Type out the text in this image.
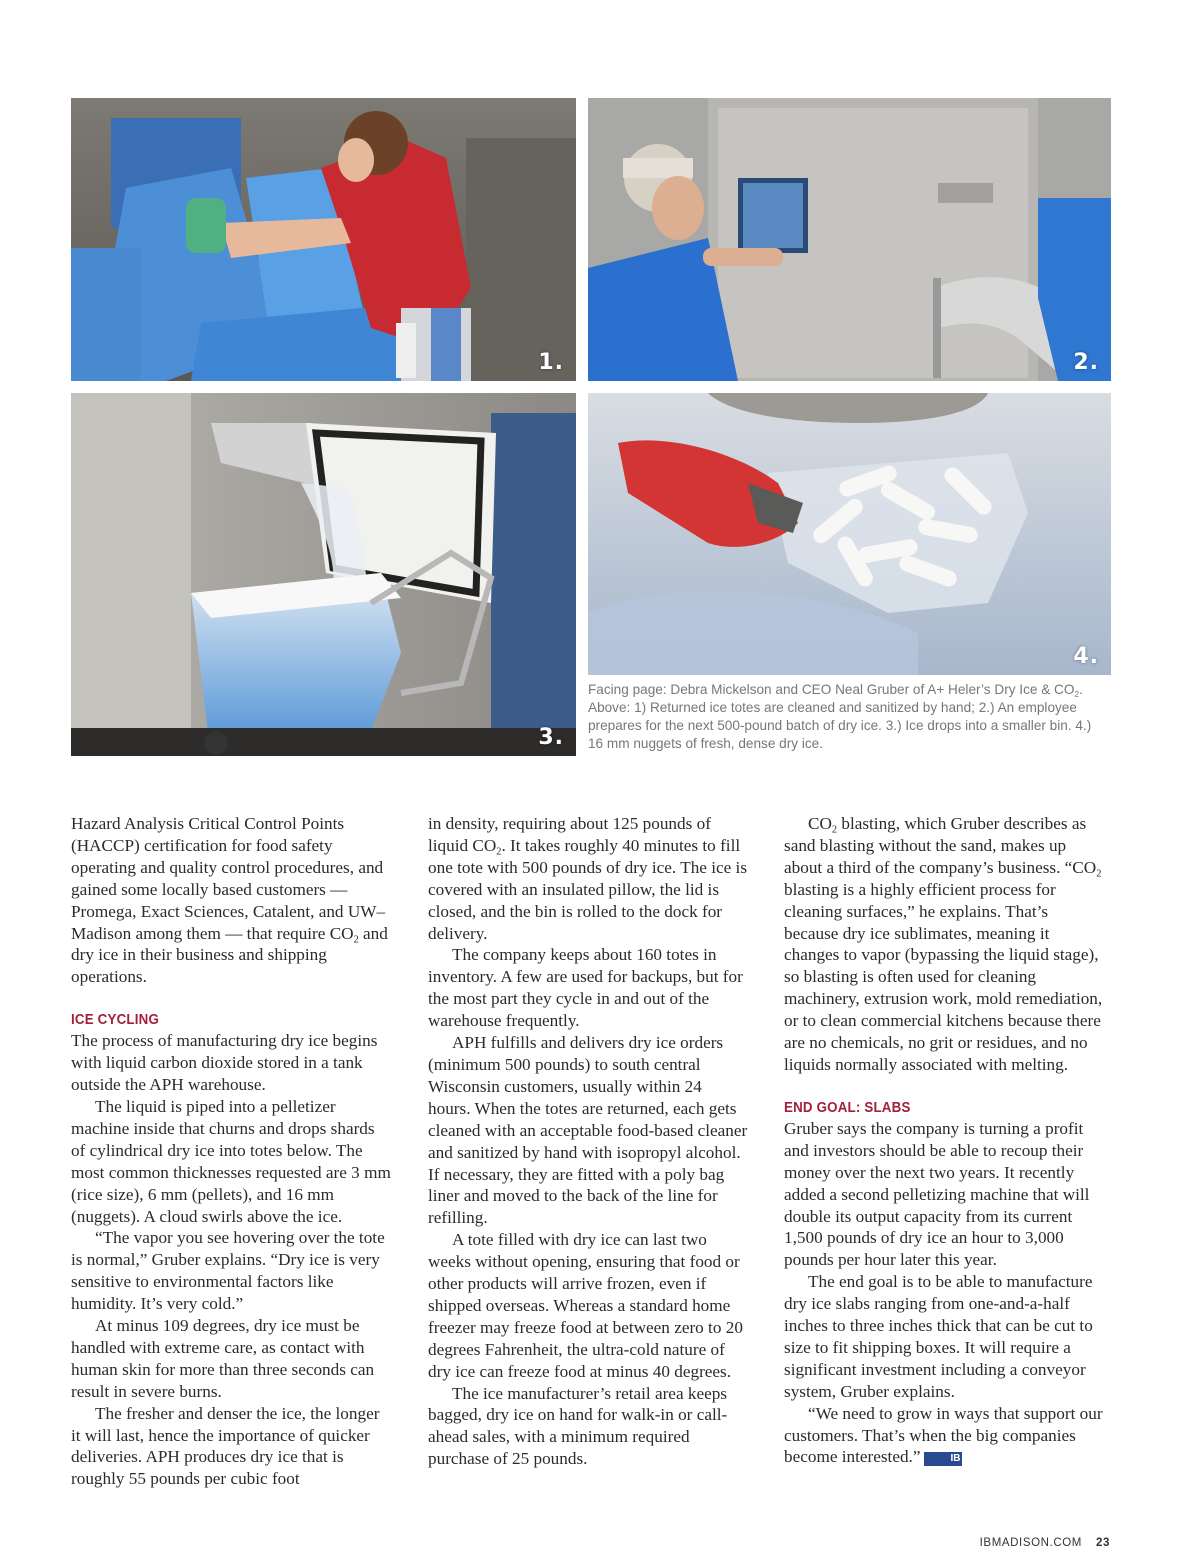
1.	2.
3.
4.
Facing page: Debra Mickelson and CEO Neal Gruber of A+ Heler’s Dry Ice & $CO_2$. Above: 1) Returned ice totes are cleaned and sanitized by hand; 2.) An employee prepares for the next 500-pound batch of dry ice. 3.) Ice drops into a smaller bin. 4.) 16 mm nuggets of fresh, dense dry ice.

Hazard Analysis Critical Control Points (HACCP) certification for food safety operating and quality control procedures, and gained some locally based customers — Promega, Exact Sciences, Catalent, and UW–Madison among them — that require $CO_2$ and dry ice in their business and shipping operations.

ICE CYCLING

The process of manufacturing dry ice begins with liquid carbon dioxide stored in a tank outside the APH warehouse.

The liquid is piped into a pelletizer machine inside that churns and drops shards of cylindrical dry ice into totes below. The most common thicknesses requested are 3 mm (rice size), 6 mm (pellets), and 16 mm (nuggets). A cloud swirls above the ice.

“The vapor you see hovering over the tote is normal,” Gruber explains. “Dry ice is very sensitive to environmental factors like humidity. It’s very cold.”

At minus 109 degrees, dry ice must be handled with extreme care, as contact with human skin for more than three seconds can result in severe burns.

The fresher and denser the ice, the longer it will last, hence the importance of quicker deliveries. APH produces dry ice that is roughly 55 pounds per cubic foot

in density, requiring about 125 pounds of liquid $CO_2$. It takes roughly 40 minutes to fill one tote with 500 pounds of dry ice. The ice is covered with an insulated pillow, the lid is closed, and the bin is rolled to the dock for delivery.

The company keeps about 160 totes in inventory. A few are used for backups, but for the most part they cycle in and out of the warehouse frequently.

APH fulfills and delivers dry ice orders (minimum 500 pounds) to south central Wisconsin customers, usually within 24 hours. When the totes are returned, each gets cleaned with an acceptable food-based cleaner and sanitized by hand with isopropyl alcohol. If necessary, they are fitted with a poly bag liner and moved to the back of the line for refilling.

A tote filled with dry ice can last two weeks without opening, ensuring that food or other products will arrive frozen, even if shipped overseas. Whereas a standard home freezer may freeze food at between zero to 20 degrees Fahrenheit, the ultra-cold nature of dry ice can freeze food at minus 40 degrees.

The ice manufacturer’s retail area keeps bagged, dry ice on hand for walk-in or call-ahead sales, with a minimum required purchase of 25 pounds.

$CO_2$ blasting, which Gruber describes as sand blasting without the sand, makes up about a third of the company’s business. “$CO_2$ blasting is a highly efficient process for cleaning surfaces,” he explains. That’s because dry ice sublimates, meaning it changes to vapor (bypassing the liquid stage), so blasting is often used for cleaning machinery, extrusion work, mold remediation, or to clean commercial kitchens because there are no chemicals, no grit or residues, and no liquids normally associated with melting.

END GOAL: SLABS

Gruber says the company is turning a profit and investors should be able to recoup their money over the next two years. It recently added a second pelletizing machine that will double its output capacity from its current 1,500 pounds of dry ice an hour to 3,000 pounds per hour later this year.

The end goal is to be able to manufacture dry ice slabs ranging from one-and-a-half inches to three inches thick that can be cut to size to fit shipping boxes. It will require a significant investment including a conveyor system, Gruber explains.

“We need to grow in ways that support our customers. That’s when the big companies become interested.”	IB

IBMADISON.COM 23
